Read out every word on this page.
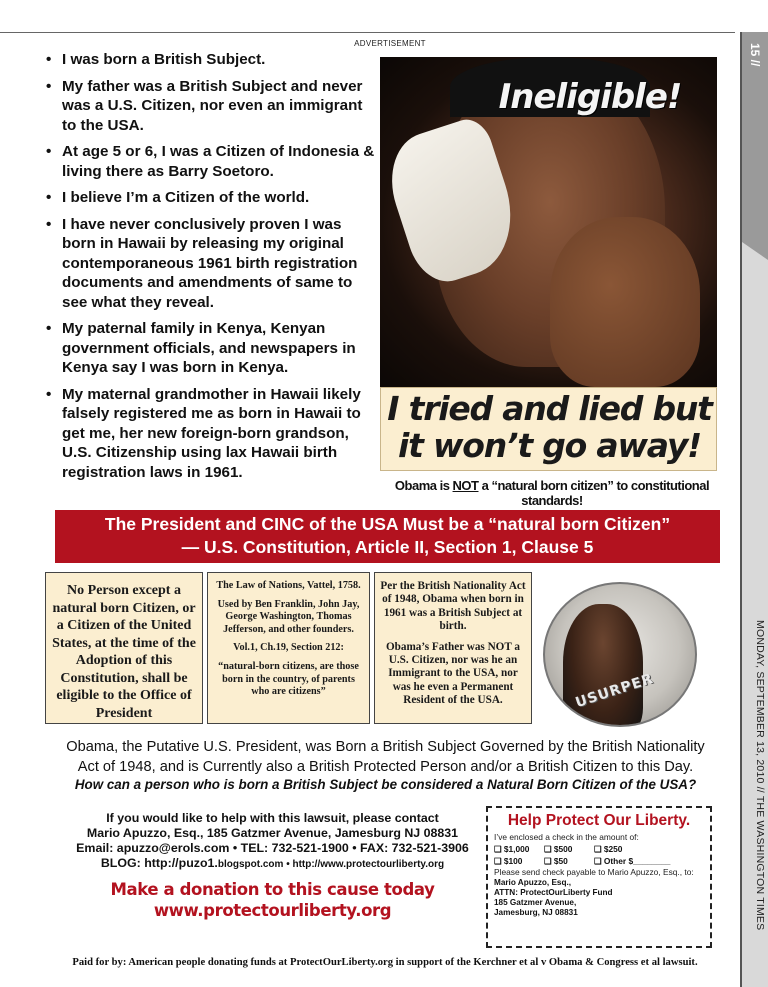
ADVERTISEMENT	15 //
MONDAY, SEPTEMBER 13, 2010 // THE WASHINGTON TIMES
• I was born a British Subject.
• My father was a British Subject and never was a U.S. Citizen, nor even an immigrant to the USA.
• At age 5 or 6, I was a Citizen of Indonesia & living there as Barry Soetoro.
• I believe I’m a Citizen of the world.
• I have never conclusively proven I was born in Hawaii by releasing my original contemporaneous 1961 birth registration documents and amendments of same to see what they reveal.
• My paternal family in Kenya, Kenyan government officials, and newspapers in Kenya say I was born in Kenya.
• My maternal grandmother in Hawaii likely falsely registered me as born in Hawaii to get me, her new foreign-born grandson, U.S. Citizenship using lax Hawaii birth registration laws in 1961.
Ineligible!
I tried and lied but
it won’t go away!
Obama is NOT a “natural born citizen” to constitutional standards!
The President and CINC of the USA Must be a “natural born Citizen”
— U.S. Constitution, Article II, Section 1, Clause 5
No Person except a natural born Citizen, or a Citizen of the United States, at the time of the Adoption of this Constitution, shall be eligible to the Office of President

The Law of Nations, Vattel, 1758.

Used by Ben Franklin, John Jay, George Washington, Thomas Jefferson, and other founders.

Vol.1, Ch.19, Section 212:

“natural-born citizens, are those born in the country, of parents who are citizens”

Per the British Nationality Act of 1948, Obama when born in 1961 was a British Subject at birth.

Obama’s Father was NOT a U.S. Citizen, nor was he an Immigrant to the USA, nor was he even a Permanent Resident of the USA.	USURPER
Obama, the Putative U.S. President, was Born a British Subject Governed by the British Nationality
Act of 1948, and is Currently also a British Protected Person and/or a British Citizen to this Day.
How can a person who is born a British Subject be considered a Natural Born Citizen of the USA?
If you would like to help with this lawsuit, please contact
Mario Apuzzo, Esq., 185 Gatzmer Avenue, Jamesburg NJ 08831
Email: apuzzo@erols.com • TEL: 732-521-1900 • FAX: 732-521-3906
BLOG: http://puzo1.blogspot.com • http://www.protectourliberty.org
Make a donation to this cause today
www.protectourliberty.org
Help Protect Our Liberty.
I’ve enclosed a check in the amount of:
❑ $1,000	❑ $500	❑ $250
❑ $100	❑ $50	❑ Other $________
Please send check payable to Mario Apuzzo, Esq., to:
Mario Apuzzo, Esq.,
ATTN: ProtectOurLiberty Fund
185 Gatzmer Avenue,
Jamesburg, NJ 08831
Paid for by: American people donating funds at ProtectOurLiberty.org in support of the Kerchner et al v Obama & Congress et al lawsuit.
